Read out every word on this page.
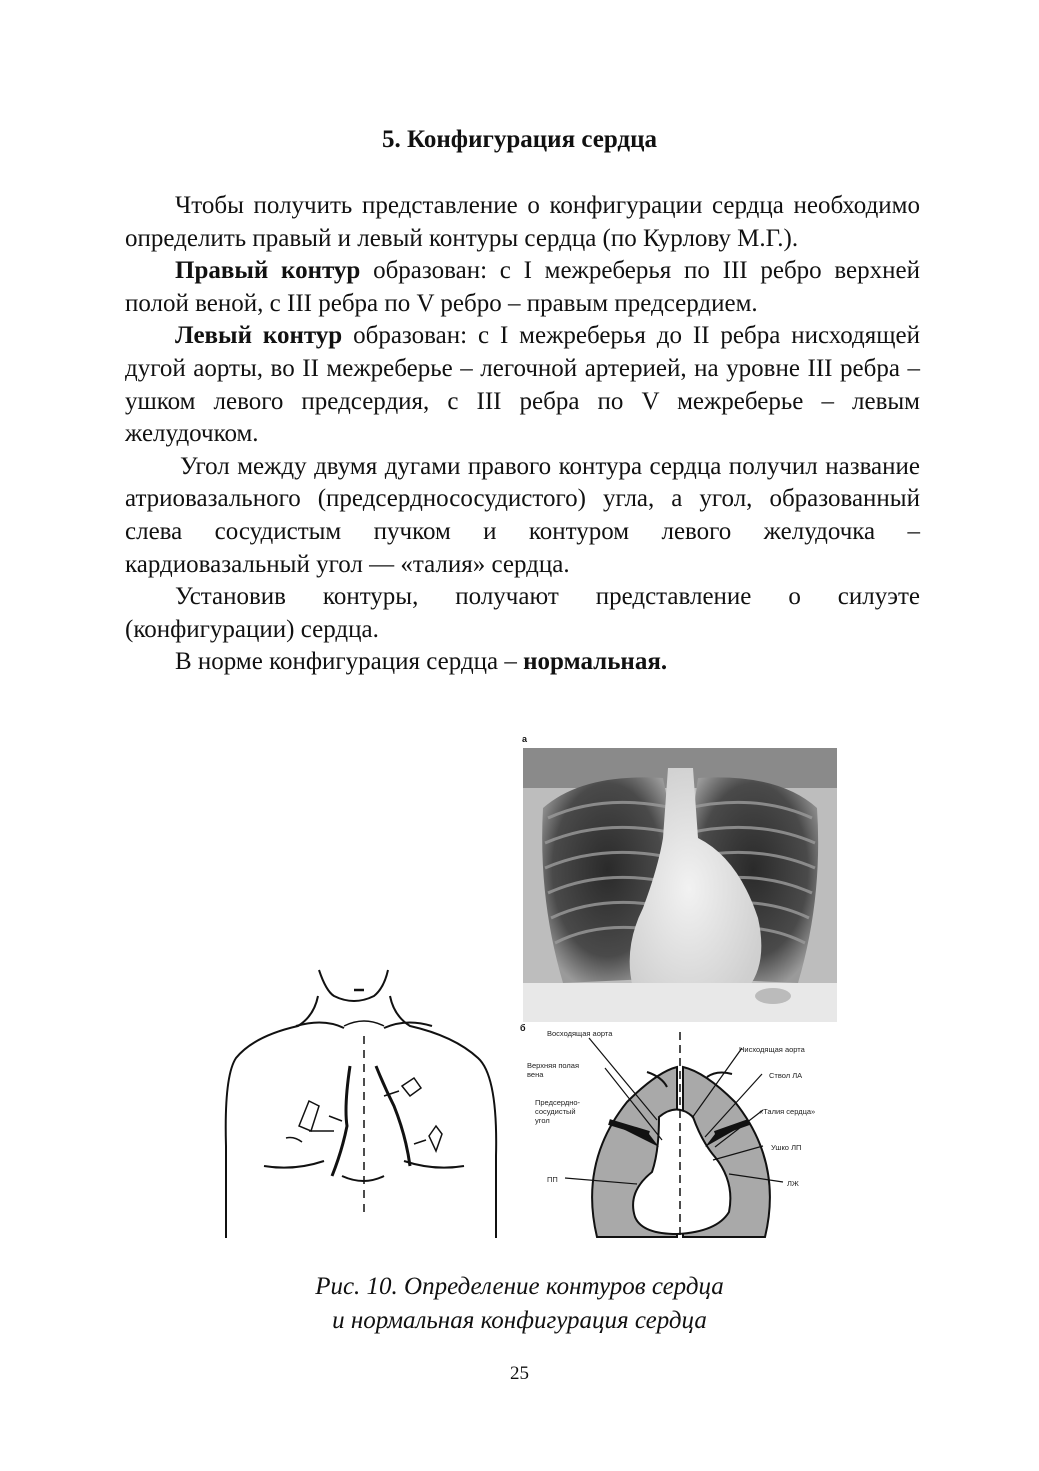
5. Конфигурация сердца

Чтобы получить представление о конфигурации сердца необходимо определить правый и левый контуры сердца (по Курлову М.Г.).

Правый контур образован: с I межреберья по III ребро верхней полой веной, с III ребра по V ребро – правым предсердием.

Левый контур образован: с I межреберья до II ребра нисходящей дугой аорты, во II межреберье – легочной артерией, на уровне III ребра – ушком левого предсердия, с III ребра по V межреберье – левым желудочком.

Угол между двумя дугами правого контура сердца получил название атриовазального (предсерднососудистого) угла, а угол, образованный слева сосудистым пучком и контуром левого желудочка – кардиовазальный угол — «талия» сердца.

Установив контуры, получают представление о силуэте (конфигурации) сердца.

В норме конфигурация сердца – нормальная.

а
б
Восходящая аорта
Нисходящая аорта
Верхняя полая
вена	Ствол ЛА
Предсердно-
сосудистый
угол
«Талия сердца»
Ушко ЛП
ПП	ЛЖ
Рис. 10. Определение контуров сердца
и нормальная конфигурация сердца
25
